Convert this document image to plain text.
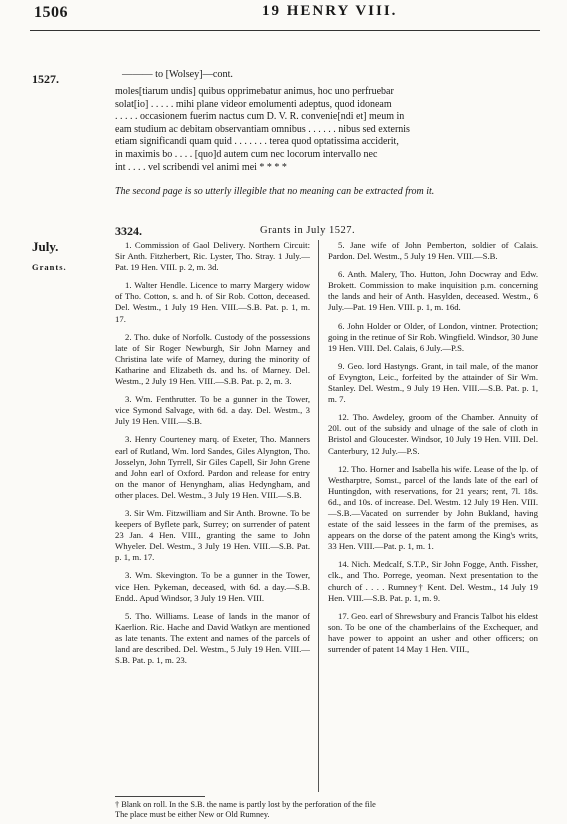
1506	19 HENRY VIII.
1527.	——— to [Wolsey]—cont.

moles[tiarum undis] quibus opprimebatur animus, hoc uno perfruebar

solat[io] . . . . . mihi plane videor emolumenti adeptus, quod idoneam

. . . . . occasionem fuerim nactus cum D. V. R. convenie[ndi et] meum in

eam studium ac debitam observantiam omnibus . . . . . . nibus sed externis

etiam significandi quam quid . . . . . . . terea quod optatissima acciderit,

in maximis bo . . . . [quo]d autem cum nec locorum intervallo nec

int . . . . vel scribendi vel animi mei * * * *

The second page is so utterly illegible that no meaning can be extracted from it.
3324.	Grants in July 1527.
July.
Grants.

1. Commission of Gaol Delivery. Northern Circuit: Sir Anth. Fitzherbert, Ric. Lyster, Tho. Stray. 1 July.—Pat. 19 Hen. VIII. p. 2, m. 3d.

1. Walter Hendle. Licence to marry Margery widow of Tho. Cotton, s. and h. of Sir Rob. Cotton, deceased. Del. Westm., 1 July 19 Hen. VIII.—S.B. Pat. p. 1, m. 17.

2. Tho. duke of Norfolk. Custody of the possessions late of Sir Roger Newburgh, Sir John Marney and Christina late wife of Marney, during the minority of Katharine and Elizabeth ds. and hs. of Marney. Del. Westm., 2 July 19 Hen. VIII.—S.B. Pat. p. 2, m. 3.

3. Wm. Fenthrutter. To be a gunner in the Tower, vice Symond Salvage, with 6d. a day. Del. Westm., 3 July 19 Hen. VIII.—S.B.

3. Henry Courteney marq. of Exeter, Tho. Manners earl of Rutland, Wm. lord Sandes, Giles Alyngton, Tho. Josselyn, John Tyrrell, Sir Giles Capell, Sir John Grene and John earl of Oxford. Pardon and release for entry on the manor of Henyngham, alias Hedyngham, and other places. Del. Westm., 3 July 19 Hen. VIII.—S.B.

3. Sir Wm. Fitzwilliam and Sir Anth. Browne. To be keepers of Byflete park, Surrey; on surrender of patent 23 Jan. 4 Hen. VIII., granting the same to John Whyeler. Del. Westm., 3 July 19 Hen. VIII.—S.B. Pat. p. 1, m. 17.

3. Wm. Skevington. To be a gunner in the Tower, vice Hen. Pykeman, deceased, with 6d. a day.—S.B. Endd.. Apud Windsor, 3 July 19 Hen. VIII.

5. Tho. Williams. Lease of lands in the manor of Kaerlion. Ric. Hache and David Watkyn are mentioned as late tenants. The extent and names of the parcels of land are described. Del. Westm., 5 July 19 Hen. VIII.—S.B. Pat. p. 1, m. 23.

5. Jane wife of John Pemberton, soldier of Calais. Pardon. Del. Westm., 5 July 19 Hen. VIII.—S.B.

6. Anth. Malery, Tho. Hutton, John Docwray and Edw. Brokett. Commission to make inquisition p.m. concerning the lands and heir of Anth. Hasylden, deceased. Westm., 6 July.—Pat. 19 Hen. VIII. p. 1, m. 16d.

6. John Holder or Older, of London, vintner. Protection; going in the retinue of Sir Rob. Wingfield. Windsor, 30 June 19 Hen. VIII. Del. Calais, 6 July.—P.S.

9. Geo. lord Hastyngs. Grant, in tail male, of the manor of Evyngton, Leic., forfeited by the attainder of Sir Wm. Stanley. Del. Westm., 9 July 19 Hen. VIII.—S.B. Pat. p. 1, m. 7.

12. Tho. Awdeley, groom of the Chamber. Annuity of 20l. out of the subsidy and ulnage of the sale of cloth in Bristol and Gloucester. Windsor, 10 July 19 Hen. VIII. Del. Canterbury, 12 July.—P.S.

12. Tho. Horner and Isabella his wife. Lease of the lp. of Westharptre, Somst., parcel of the lands late of the earl of Huntingdon, with reservations, for 21 years; rent, 7l. 18s. 6d., and 10s. of increase. Del. Westm. 12 July 19 Hen. VIII.—S.B.—Vacated on surrender by John Bukland, having estate of the said lessees in the farm of the premises, as appears on the dorse of the patent among the King's writs, 33 Hen. VIII.—Pat. p. 1, m. 1.

14. Nich. Medcalf, S.T.P., Sir John Fogge, Anth. Fissher, clk., and Tho. Porrege, yeoman. Next presentation to the church of . . . . Rumney† Kent. Del. Westm., 14 July 19 Hen. VIII.—S.B. Pat. p. 1, m. 9.

17. Geo. earl of Shrewsbury and Francis Talbot his eldest son. To be one of the chamberlains of the Exchequer, and have power to appoint an usher and other officers; on surrender of patent 14 May 1 Hen. VIII.,

† Blank on roll. In the S.B. the name is partly lost by the perforation of the file

The place must be either New or Old Rumney.
